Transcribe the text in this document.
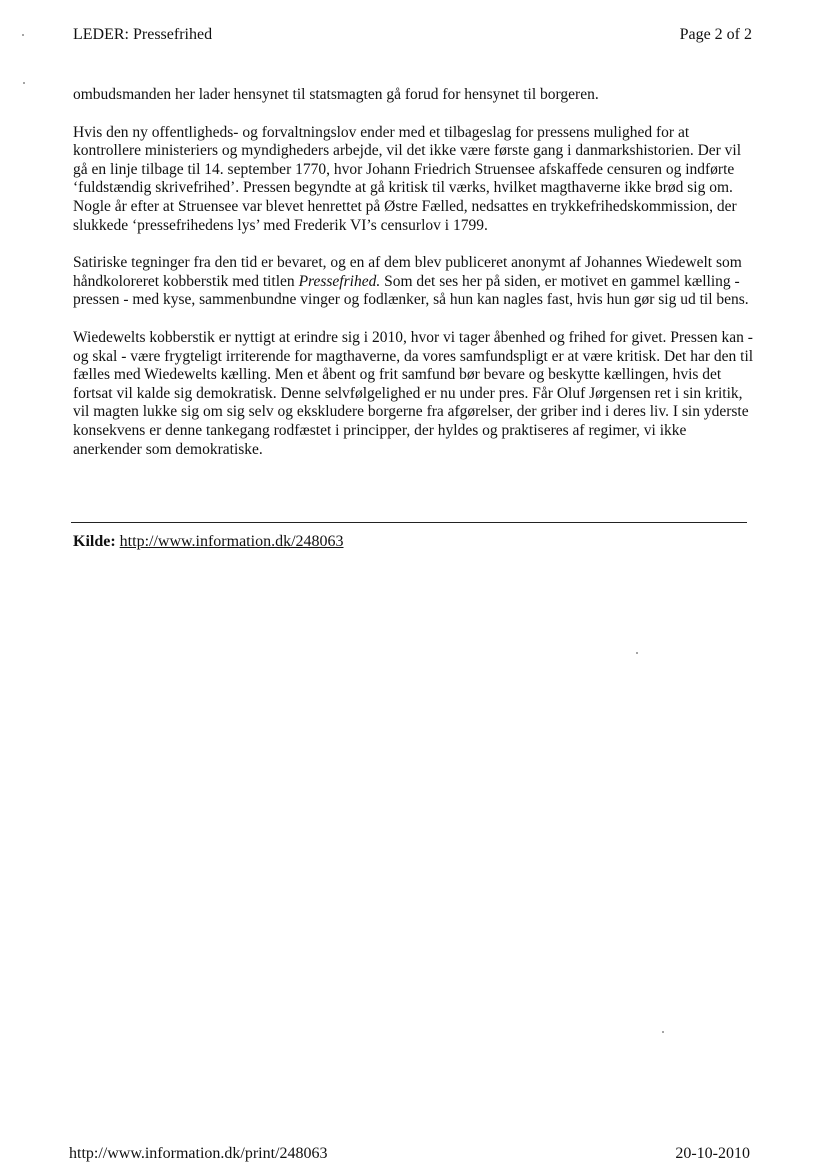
LEDER: Pressefrihed	Page 2 of 2

ombudsmanden her lader hensynet til statsmagten gå forud for hensynet til borgeren.

Hvis den ny offentligheds- og forvaltningslov ender med et tilbageslag for pressens mulighed for at kontrollere ministeriers og myndigheders arbejde, vil det ikke være første gang i danmarkshistorien. Der vil gå en linje tilbage til 14. september 1770, hvor Johann Friedrich Struensee afskaffede censuren og indførte ‘fuldstændig skrivefrihed’. Pressen begyndte at gå kritisk til værks, hvilket magthaverne ikke brød sig om. Nogle år efter at Struensee var blevet henrettet på Østre Fælled, nedsattes en trykkefrihedskommission, der slukkede ‘pressefrihedens lys’ med Frederik VI’s censurlov i 1799.

Satiriske tegninger fra den tid er bevaret, og en af dem blev publiceret anonymt af Johannes Wiedewelt som håndkoloreret kobberstik med titlen Pressefrihed. Som det ses her på siden, er motivet en gammel kælling - pressen - med kyse, sammenbundne vinger og fodlænker, så hun kan nagles fast, hvis hun gør sig ud til bens.

Wiedewelts kobberstik er nyttigt at erindre sig i 2010, hvor vi tager åbenhed og frihed for givet. Pressen kan - og skal - være frygteligt irriterende for magthaverne, da vores samfundspligt er at være kritisk. Det har den til fælles med Wiedewelts kælling. Men et åbent og frit samfund bør bevare og beskytte kællingen, hvis det fortsat vil kalde sig demokratisk. Denne selvfølgelighed er nu under pres. Får Oluf Jørgensen ret i sin kritik, vil magten lukke sig om sig selv og ekskludere borgerne fra afgørelser, der griber ind i deres liv. I sin yderste konsekvens er denne tankegang rodfæstet i principper, der hyldes og praktiseres af regimer, vi ikke anerkender som demokratiske.

Kilde: http://www.information.dk/248063
http://www.information.dk/print/248063	20-10-2010
